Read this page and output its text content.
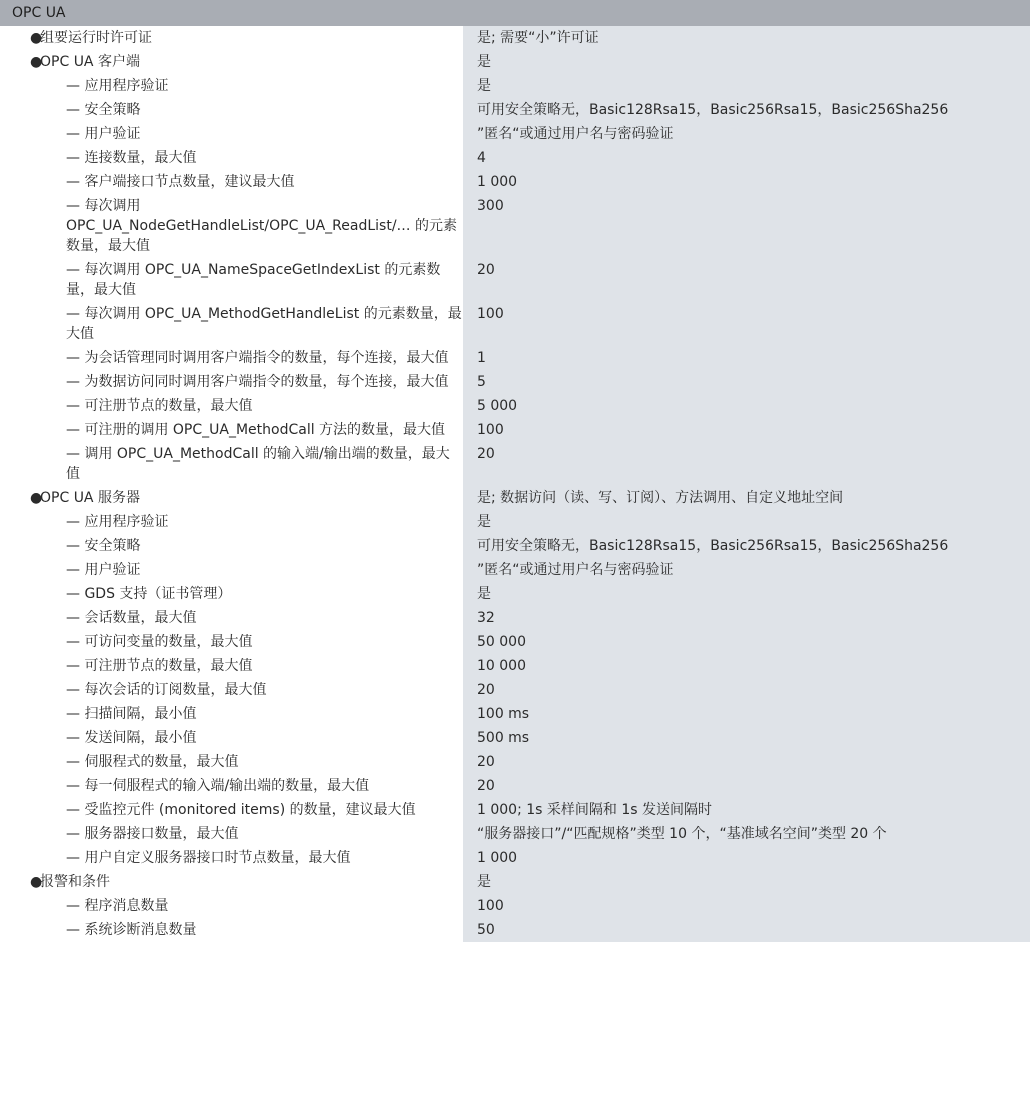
OPC UA
●
组要运行时许可证	是; 需要“小”许可证

●
OPC UA 客户端	是

— 应用程序验证	是

— 安全策略	可用安全策略无，Basic128Rsa15，Basic256Rsa15，Basic256Sha256

— 用户验证	”匿名“或通过用户名与密码验证

— 连接数量，最大值	4

— 客户端接口节点数量，建议最大值	1 000

— 每次调用 OPC_UA_NodeGetHandleList/OPC_UA_ReadList/… 的元素数量，最大值	300

— 每次调用 OPC_UA_NameSpaceGetIndexList 的元素数量，最大值	20

— 每次调用 OPC_UA_MethodGetHandleList 的元素数量，最大值	100

— 为会话管理同时调用客户端指令的数量，每个连接，最大值	1

— 为数据访问同时调用客户端指令的数量，每个连接，最大值	5

— 可注册节点的数量，最大值	5 000

— 可注册的调用 OPC_UA_MethodCall 方法的数量，最大值	100

— 调用 OPC_UA_MethodCall 的输入端/输出端的数量，最大值	20

●
OPC UA 服务器	是; 数据访问（读、写、订阅）、方法调用、自定义地址空间

— 应用程序验证	是

— 安全策略	可用安全策略无，Basic128Rsa15，Basic256Rsa15，Basic256Sha256

— 用户验证	”匿名“或通过用户名与密码验证

— GDS 支持（证书管理）	是

— 会话数量，最大值	32

— 可访问变量的数量，最大值	50 000

— 可注册节点的数量，最大值	10 000

— 每次会话的订阅数量，最大值	20

— 扫描间隔，最小值	100 ms

— 发送间隔，最小值	500 ms

— 伺服程式的数量，最大值	20

— 每一伺服程式的输入端/输出端的数量，最大值	20

— 受监控元件 (monitored items) 的数量，建议最大值	1 000; 1s 采样间隔和 1s 发送间隔时

— 服务器接口数量，最大值	“服务器接口”/“匹配规格”类型 10 个，“基准域名空间”类型 20 个

— 用户自定义服务器接口时节点数量，最大值	1 000

●
报警和条件	是

— 程序消息数量	100

— 系统诊断消息数量	50
